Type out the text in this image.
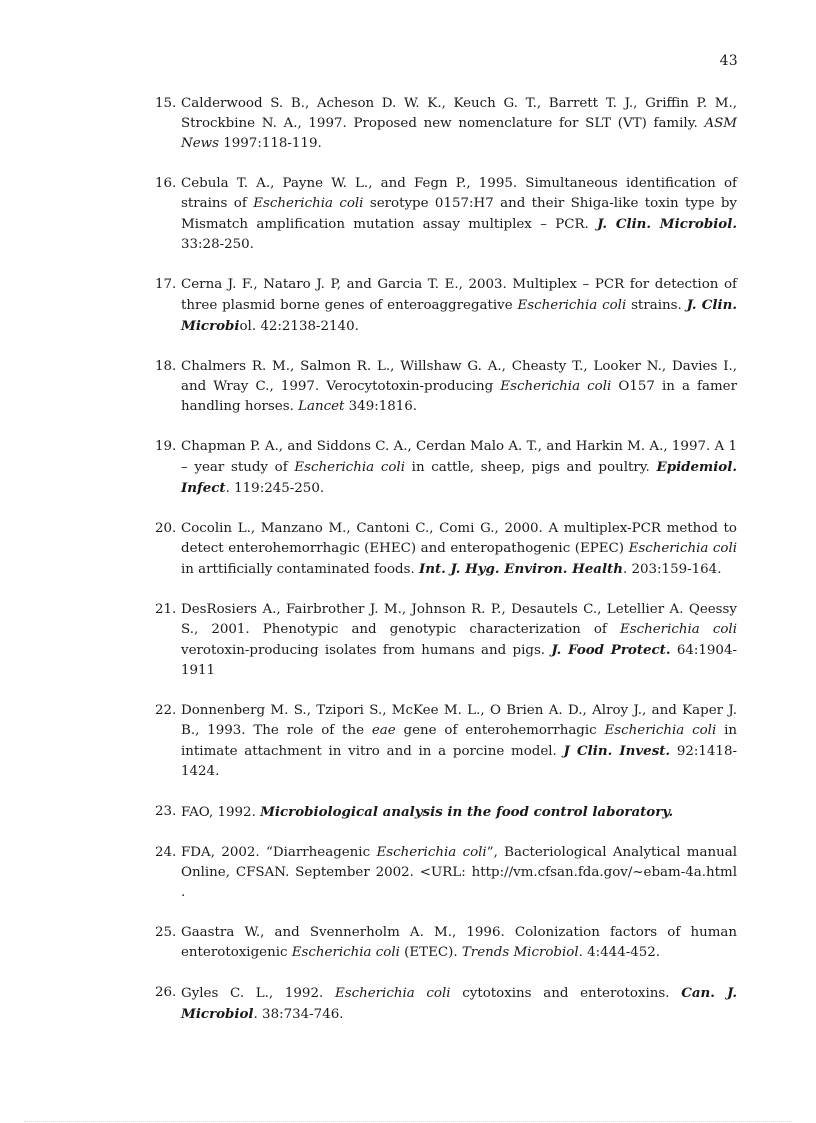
43
15. Calderwood S. B., Acheson D. W. K., Keuch G. T., Barrett T. J., Griffin P. M., Strockbine N. A., 1997. Proposed new nomenclature for SLT (VT) family. ASM News 1997:118-119.
16. Cebula T. A., Payne W. L., and Fegn P., 1995. Simultaneous identification of strains of Escherichia coli serotype 0157:H7 and their Shiga-like toxin type by Mismatch amplification mutation assay multiplex – PCR. J. Clin. Microbiol. 33:28-250.
17. Cerna J. F., Nataro J. P, and Garcia T. E., 2003. Multiplex – PCR for detection of three plasmid borne genes of enteroaggregative Escherichia coli strains. J. Clin. Microbiol. 42:2138-2140.
18. Chalmers R. M., Salmon R. L., Willshaw G. A., Cheasty T., Looker N., Davies I., and Wray C., 1997. Verocytotoxin-producing Escherichia coli O157 in a famer handling horses. Lancet 349:1816.
19. Chapman P. A., and Siddons C. A., Cerdan Malo A. T., and Harkin M. A., 1997. A 1 – year study of Escherichia coli in cattle, sheep, pigs and poultry. Epidemiol. Infect. 119:245-250.
20. Cocolin L., Manzano M., Cantoni C., Comi G., 2000. A multiplex-PCR method to detect enterohemorrhagic (EHEC) and enteropathogenic (EPEC) Escherichia coli in arttificially contaminated foods. Int. J. Hyg. Environ. Health. 203:159-164.
21. DesRosiers A., Fairbrother J. M., Johnson R. P., Desautels C., Letellier A. Qeessy S., 2001. Phenotypic and genotypic characterization of Escherichia coli verotoxin-producing isolates from humans and pigs. J. Food Protect. 64:1904-1911
22. Donnenberg M. S., Tzipori S., McKee M. L., O Brien A. D., Alroy J., and Kaper J. B., 1993. The role of the eae gene of enterohemorrhagic Escherichia coli in intimate attachment in vitro and in a porcine model. J Clin. Invest. 92:1418-1424.
23. FAO, 1992. Microbiological analysis in the food control laboratory.
24. FDA, 2002. “Diarrheagenic Escherichia coli”, Bacteriological Analytical manual Online, CFSAN. September 2002. <URL: http://vm.cfsan.fda.gov/~ebam-4a.html .
25. Gaastra W., and Svennerholm A. M., 1996. Colonization factors of human enterotoxigenic Escherichia coli (ETEC). Trends Microbiol. 4:444-452.
26. Gyles C. L., 1992. Escherichia coli cytotoxins and enterotoxins. Can. J. Microbiol. 38:734-746.
